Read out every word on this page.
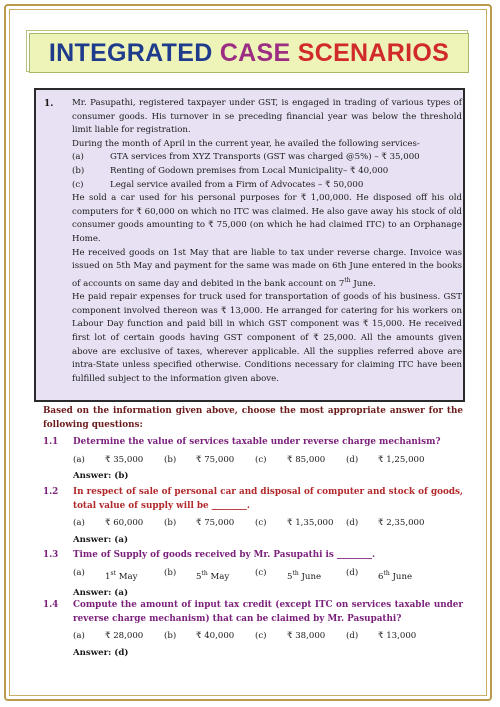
INTEGRATED CASE SCENARIOS
1. Mr. Pasupathi, registered taxpayer under GST, is engaged in trading of various types of consumer goods. His turnover in se preceding financial year was below the threshold limit liable for registration.

During the month of April in the current year, he availed the following services-

(a)	GTA services from XYZ Transports (GST was charged @5%) – ₹ 35,000
(b)	Renting of Godown premises from Local Municipality– ₹ 40,000
(c)	Legal service availed from a Firm of Advocates – ₹ 50,000

He sold a car used for his personal purposes for ₹ 1,00,000. He disposed off his old computers for ₹ 60,000 on which no ITC was claimed. He also gave away his stock of old consumer goods amounting to ₹ 75,000 (on which he had claimed ITC) to an Orphanage Home.

He received goods on 1st May that are liable to tax under reverse charge. Invoice was issued on 5th May and payment for the same was made on 6th June entered in the books of accounts on same day and debited in the bank account on 7th June.

He paid repair expenses for truck used for transportation of goods of his business. GST component involved thereon was ₹ 13,000. He arranged for catering for his workers on Labour Day function and paid bill in which GST component was ₹ 15,000. He received first lot of certain goods having GST component of ₹ 25,000. All the amounts given above are exclusive of taxes, wherever applicable. All the supplies referred above are intra-State unless specified otherwise. Conditions necessary for claiming ITC have been fulfilled subject to the information given above.

Based on the information given above, choose the most appropriate answer for the following questions:
1.1 Determine the value of services taxable under reverse charge mechanism?
(a)	₹ 35,000 (b)	₹ 75,000 (c)	₹ 85,000 (d)	₹ 1,25,000
Answer: (b)
1.2 In respect of sale of personal car and disposal of computer and stock of goods, total value of supply will be ________.
(a)	₹ 60,000 (b)	₹ 75,000 (c)	₹ 1,35,000 (d)	₹ 2,35,000
Answer: (a)
1.3 Time of Supply of goods received by Mr. Pasupathi is ________.
(a)	1st May	(b)	5th May	(c)	5th June	(d)	6th June
Answer: (a)
1.4 Compute the amount of input tax credit (except ITC on services taxable under reverse charge mechanism) that can be claimed by Mr. Pasupathi?
(a)	₹ 28,000 (b)	₹ 40,000 (c)	₹ 38,000 (d)	₹ 13,000
Answer: (d)
